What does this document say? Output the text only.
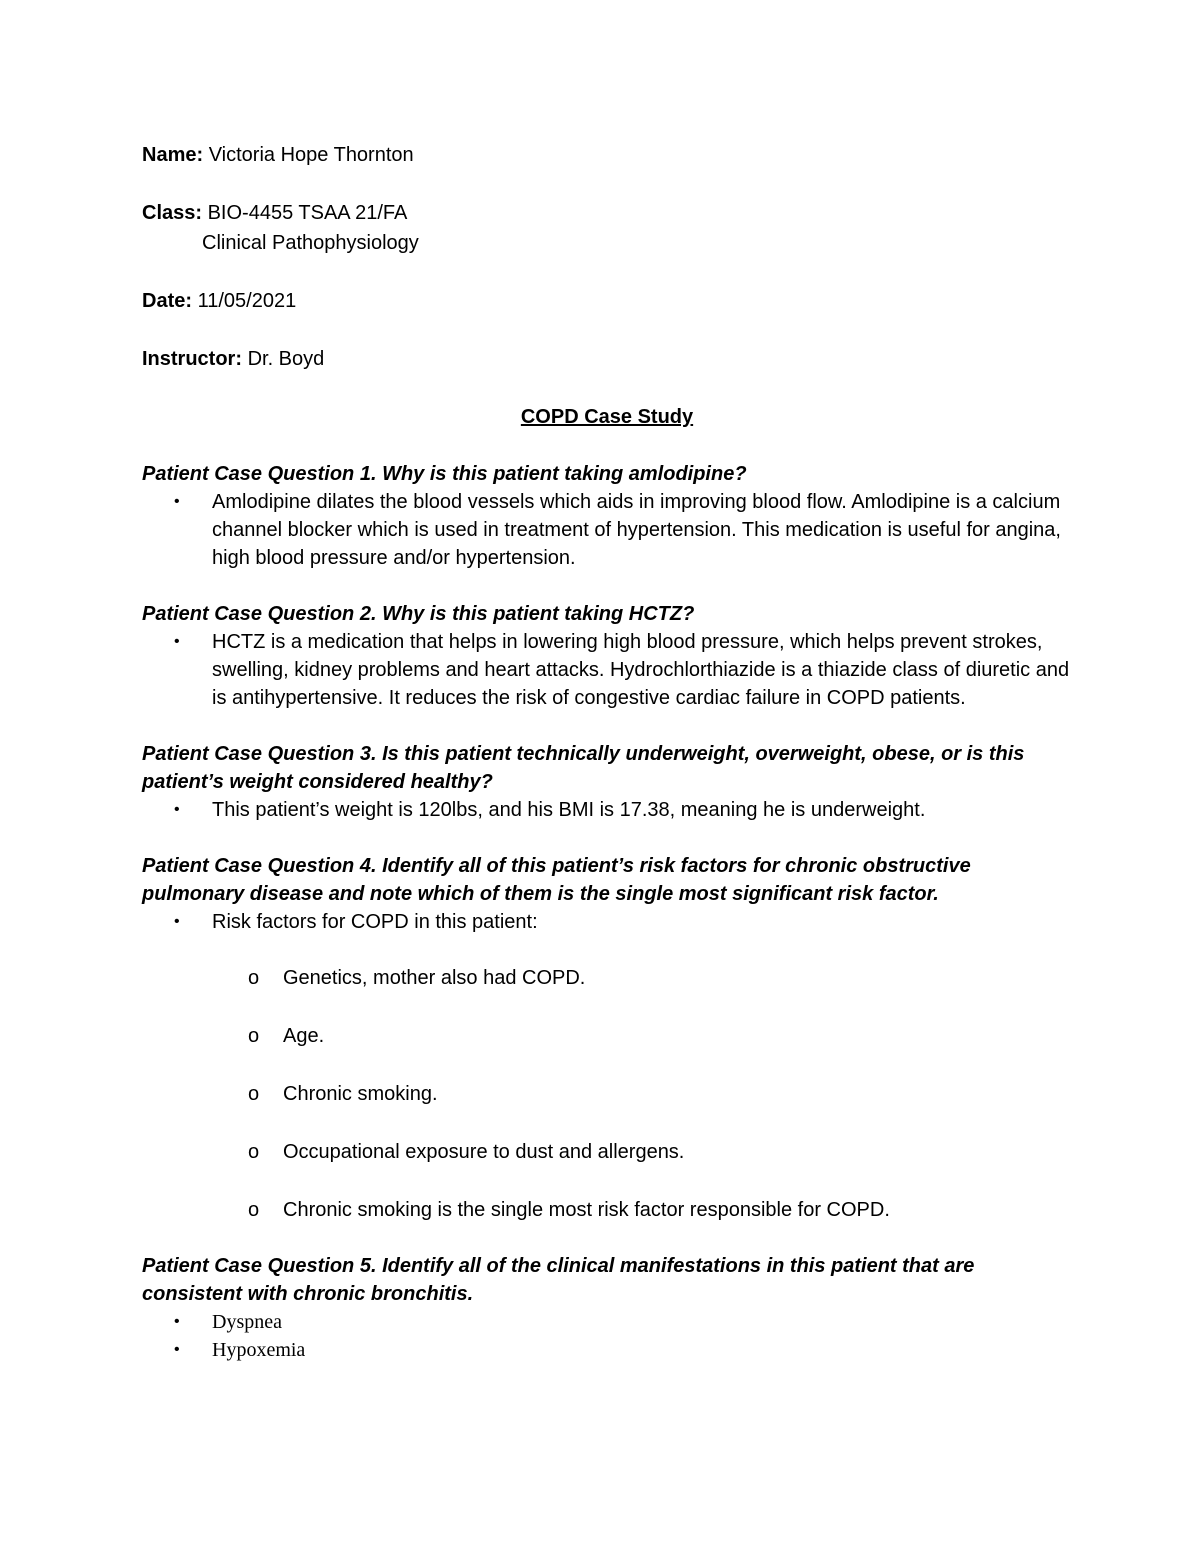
Name: Victoria Hope Thornton

Class: BIO-4455 TSAA 21/FA

Clinical Pathophysiology

Date: 11/05/2021

Instructor: Dr. Boyd

COPD Case Study

Patient Case Question 1. Why is this patient taking amlodipine?

• Amlodipine dilates the blood vessels which aids in improving blood flow. Amlodipine is a calcium channel blocker which is used in treatment of hypertension. This medication is useful for angina, high blood pressure and/or hypertension.

Patient Case Question 2. Why is this patient taking HCTZ?

• HCTZ is a medication that helps in lowering high blood pressure, which helps prevent strokes, swelling, kidney problems and heart attacks. Hydrochlorthiazide is a thiazide class of diuretic and is antihypertensive. It reduces the risk of congestive cardiac failure in COPD patients.

Patient Case Question 3. Is this patient technically underweight, overweight, obese, or is this patient’s weight considered healthy?

• This patient’s weight is 120lbs, and his BMI is 17.38, meaning he is underweight.

Patient Case Question 4. Identify all of this patient’s risk factors for chronic obstructive pulmonary disease and note which of them is the single most significant risk factor.

• Risk factors for COPD in this patient:
o Genetics, mother also had COPD.
o Age.
o Chronic smoking.
o Occupational exposure to dust and allergens.
o Chronic smoking is the single most risk factor responsible for COPD.

Patient Case Question 5. Identify all of the clinical manifestations in this patient that are consistent with chronic bronchitis.

• Dyspnea
• Hypoxemia
